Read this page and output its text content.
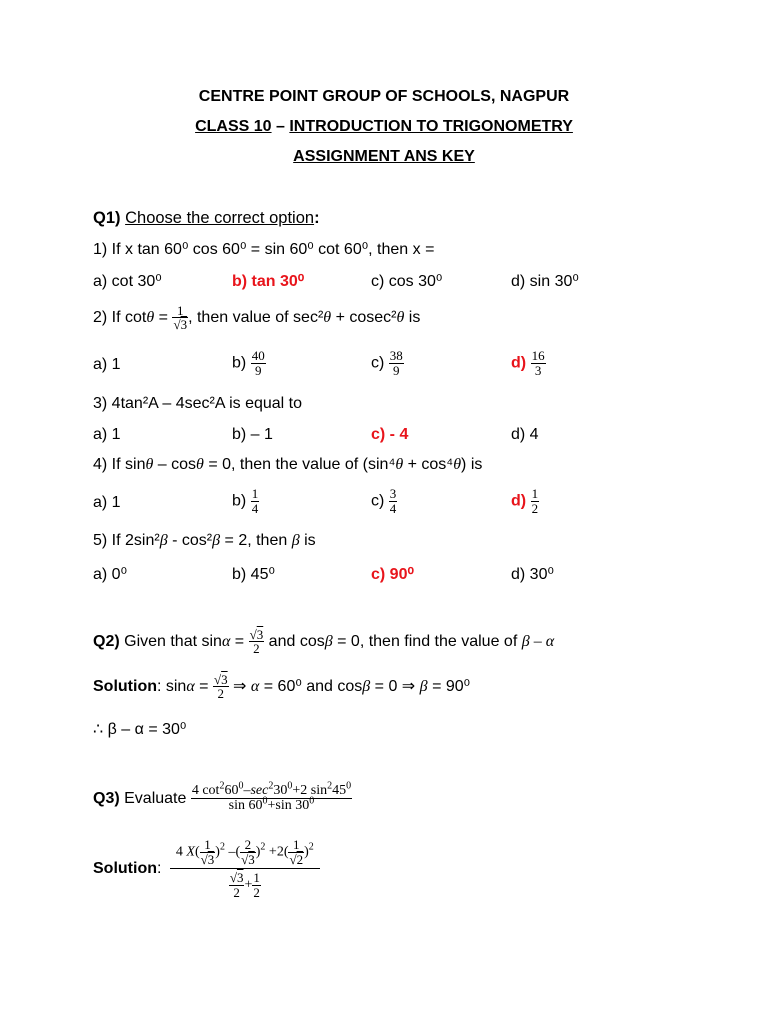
CENTRE POINT GROUP OF SCHOOLS, NAGPUR
CLASS 10 – INTRODUCTION TO TRIGONOMETRY
ASSIGNMENT ANS KEY
Q1) Choose the correct option:
1) If x tan 60⁰ cos 60⁰ = sin 60⁰ cot 60⁰, then x =
a) cot 30⁰	b) tan 30⁰	c) cos 30⁰	d) sin 30⁰
2) If $\cot\theta = \frac{1}{√3}$ , then value of sec²θ + cosec²θ is
a) 1	$b) \frac{40}{9}$	$c) \frac{38}{9}$	$d) \frac{16}{3}$
3) 4tan²A – 4sec²A is equal to
a) 1	b) – 1	c) - 4	d) 4
4) If sinθ – cosθ = 0, then the value of (sin⁴θ + cos⁴θ) is
a) 1	$b) \frac{1}{4}$	$c) \frac{3}{4}$	$d) \frac{1}{2}$
5) If 2sin²β - cos²β = 2, then β is
a) 0⁰	b) 45⁰	c) 90⁰	d) 30⁰
Q2) Given that $\sin\alpha = \frac{√3}{2}$ and cosβ = 0, then find the value of β – α
Solution: $\sin\alpha = \frac{√3}{2}$ ⇒ α = 60⁰ and cosβ = 0 ⇒ β = 90⁰
∴ β – α = 30⁰
Q3) Evaluate $\frac{4 \cot^260^0-\sec^230^0+2 \sin^245^0}{\sin 60^0+\sin 30^0}$
Solution: $\frac{4 X( \frac{1}{√3} )^2 -( \frac{2}{√3} )^2 +2( \frac{1}{√2} )^2}{\frac{√3}{2} + \frac{1}{2}}$
